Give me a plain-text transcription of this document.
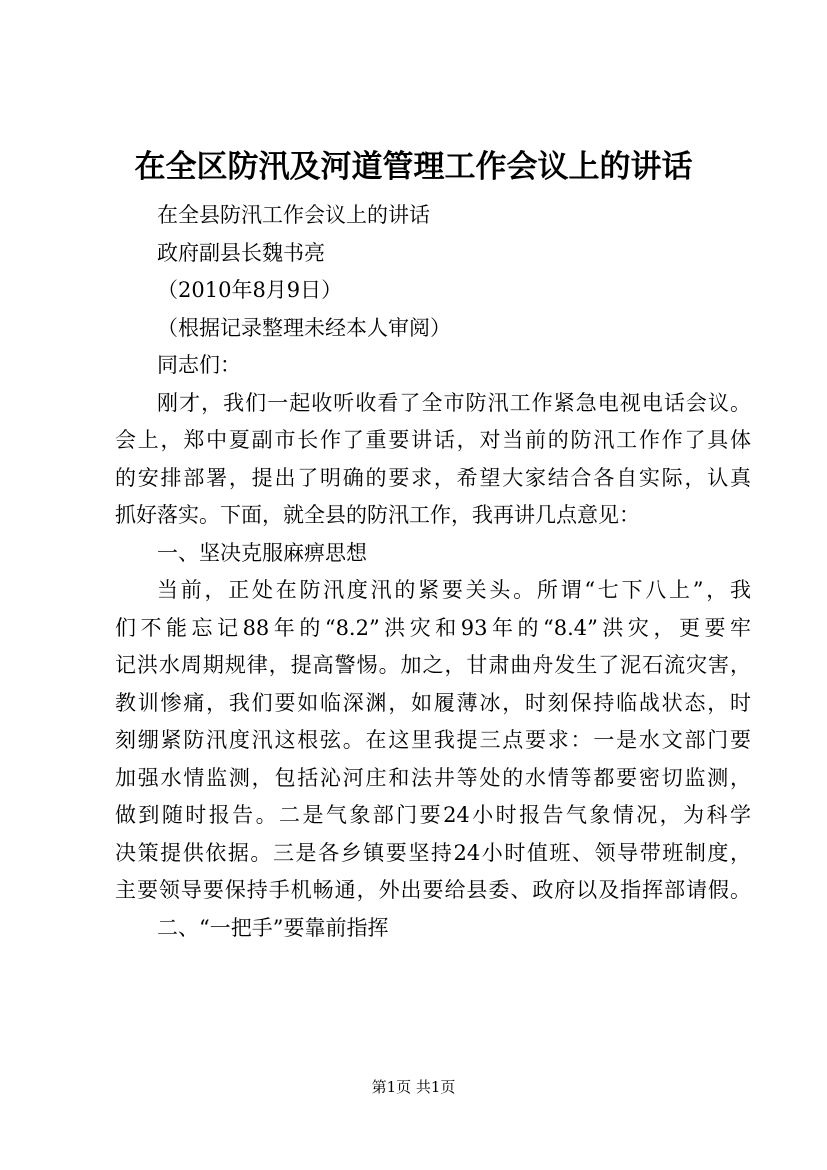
在全区防汛及河道管理工作会议上的讲话
在全县防汛工作会议上的讲话
政府副县长魏书亮
（2010年8月9日）
（根据记录整理未经本人审阅）
同志们：
刚才，我们一起收听收看了全市防汛工作紧急电视电话会议。
会上，郑中夏副市长作了重要讲话，对当前的防汛工作作了具体
的安排部署，提出了明确的要求，希望大家结合各自实际，认真
抓好落实。下面，就全县的防汛工作，我再讲几点意见：
一、坚决克服麻痹思想
当前，正处在防汛度汛的紧要关头。所谓“七下八上”，我
们不能忘记88年的“8.2”洪灾和93年的“8.4”洪灾，更要牢
记洪水周期规律，提高警惕。加之，甘肃曲舟发生了泥石流灾害，
教训惨痛，我们要如临深渊，如履薄冰，时刻保持临战状态，时
刻绷紧防汛度汛这根弦。在这里我提三点要求：一是水文部门要
加强水情监测，包括沁河庄和法井等处的水情等都要密切监测，
做到随时报告。二是气象部门要24小时报告气象情况，为科学
决策提供依据。三是各乡镇要坚持24小时值班、领导带班制度，
主要领导要保持手机畅通，外出要给县委、政府以及指挥部请假。
二、“一把手”要靠前指挥
第1页 共1页
